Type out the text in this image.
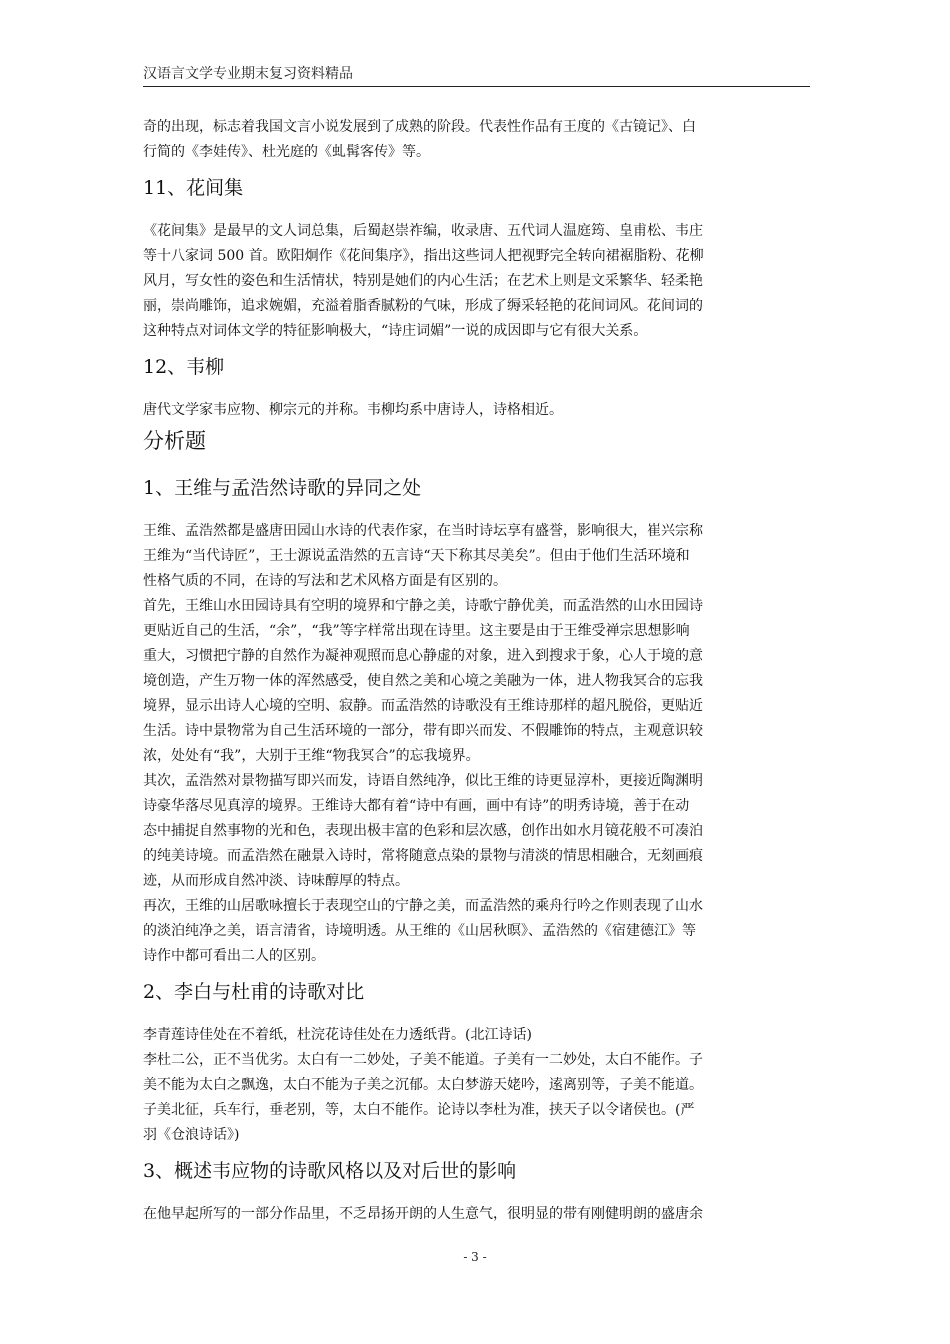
汉语言文学专业期末复习资料精品
奇的出现，标志着我国文言小说发展到了成熟的阶段。代表性作品有王度的《古镜记》、白
行简的《李娃传》、杜光庭的《虬髯客传》等。
11、花间集
《花间集》是最早的文人词总集，后蜀赵崇祚编，收录唐、五代词人温庭筠、皇甫松、韦庄
等十八家词 500 首。欧阳炯作《花间集序》，指出这些词人把视野完全转向裙裾脂粉、花柳
风月，写女性的姿色和生活情状，特别是她们的内心生活；在艺术上则是文采繁华、轻柔艳
丽，崇尚雕饰，追求婉媚，充溢着脂香腻粉的气味，形成了缛采轻艳的花间词风。花间词的
这种特点对词体文学的特征影响极大，“诗庄词媚”一说的成因即与它有很大关系。
12、韦柳
唐代文学家韦应物、柳宗元的并称。韦柳均系中唐诗人，诗格相近。
分析题
1、王维与孟浩然诗歌的异同之处
王维、孟浩然都是盛唐田园山水诗的代表作家，在当时诗坛享有盛誉，影响很大，崔兴宗称
王维为“当代诗匠”，王士源说孟浩然的五言诗“天下称其尽美矣”。但由于他们生活环境和
性格气质的不同，在诗的写法和艺术风格方面是有区别的。
首先，王维山水田园诗具有空明的境界和宁静之美，诗歌宁静优美，而孟浩然的山水田园诗
更贴近自己的生活，“余”，“我”等字样常出现在诗里。这主要是由于王维受禅宗思想影响
重大，习惯把宁静的自然作为凝神观照而息心静虚的对象，进入到搜求于象，心人于境的意
境创造，产生万物一体的浑然感受，使自然之美和心境之美融为一体，进人物我冥合的忘我
境界，显示出诗人心境的空明、寂静。而孟浩然的诗歌没有王维诗那样的超凡脱俗，更贴近
生活。诗中景物常为自己生活环境的一部分，带有即兴而发、不假雕饰的特点，主观意识较
浓，处处有“我”，大别于王维“物我冥合”的忘我境界。
其次，孟浩然对景物描写即兴而发，诗语自然纯净，似比王维的诗更显淳朴，更接近陶渊明
诗豪华落尽见真淳的境界。王维诗大都有着“诗中有画，画中有诗”的明秀诗境，善于在动
态中捕捉自然事物的光和色，表现出极丰富的色彩和层次感，创作出如水月镜花般不可凑泊
的纯美诗境。而孟浩然在融景入诗时，常将随意点染的景物与清淡的情思相融合，无刻画痕
迹，从而形成自然冲淡、诗味醇厚的特点。
再次，王维的山居歌咏擅长于表现空山的宁静之美，而孟浩然的乘舟行吟之作则表现了山水
的淡泊纯净之美，语言清省，诗境明透。从王维的《山居秋暝》、孟浩然的《宿建德江》等
诗作中都可看出二人的区别。
2、李白与杜甫的诗歌对比
李青莲诗佳处在不着纸，杜浣花诗佳处在力透纸背。(北江诗话)
李杜二公，正不当优劣。太白有一二妙处，子美不能道。子美有一二妙处，太白不能作。子
美不能为太白之飘逸，太白不能为子美之沉郁。太白梦游天姥吟，逺离别等，子美不能道。
子美北征，兵车行，垂老别，等，太白不能作。论诗以李杜为准，挟天子以令诸侯也。(严
羽《仓浪诗话》)
3、概述韦应物的诗歌风格以及对后世的影响
在他早起所写的一部分作品里，不乏昂扬开朗的人生意气，很明显的带有刚健明朗的盛唐余
- 3 -
